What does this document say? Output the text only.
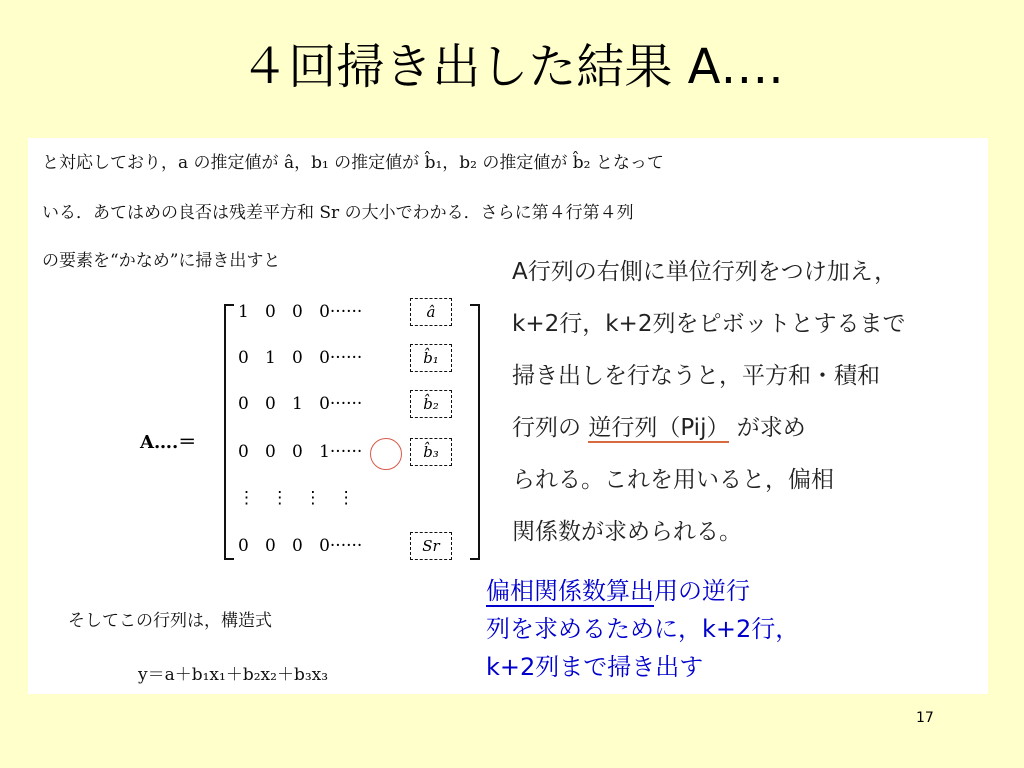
４回掃き出した結果 A….
と対応しており，a の推定値が â，b₁ の推定値が b̂₁，b₂ の推定値が b̂₂ となって
いる．あてはめの良否は残差平方和 Sr の大小でわかる．さらに第４行第４列
の要素を“かなめ”に掃き出すと
A….＝
1   0   0   0······
0   1   0   0······
0   0   1   0······
0   0   0   1······
⋮   ⋮   ⋮   ⋮
0   0   0   0······
â
b̂₁
b̂₂
b̂₃
Sr
そしてこの行列は，構造式
y＝a＋b₁x₁＋b₂x₂＋b₃x₃
A行列の右側に単位行列をつけ加え，
k+2行，k+2列をピボットとするまで
掃き出しを行なうと，平方和・積和
行列の 逆行列（Pij） が求め
られる。これを用いると，偏相
関係数が求められる。
偏相関係数算出用の逆行
列を求めるために，k+2行，
k+2列まで掃き出す
17
